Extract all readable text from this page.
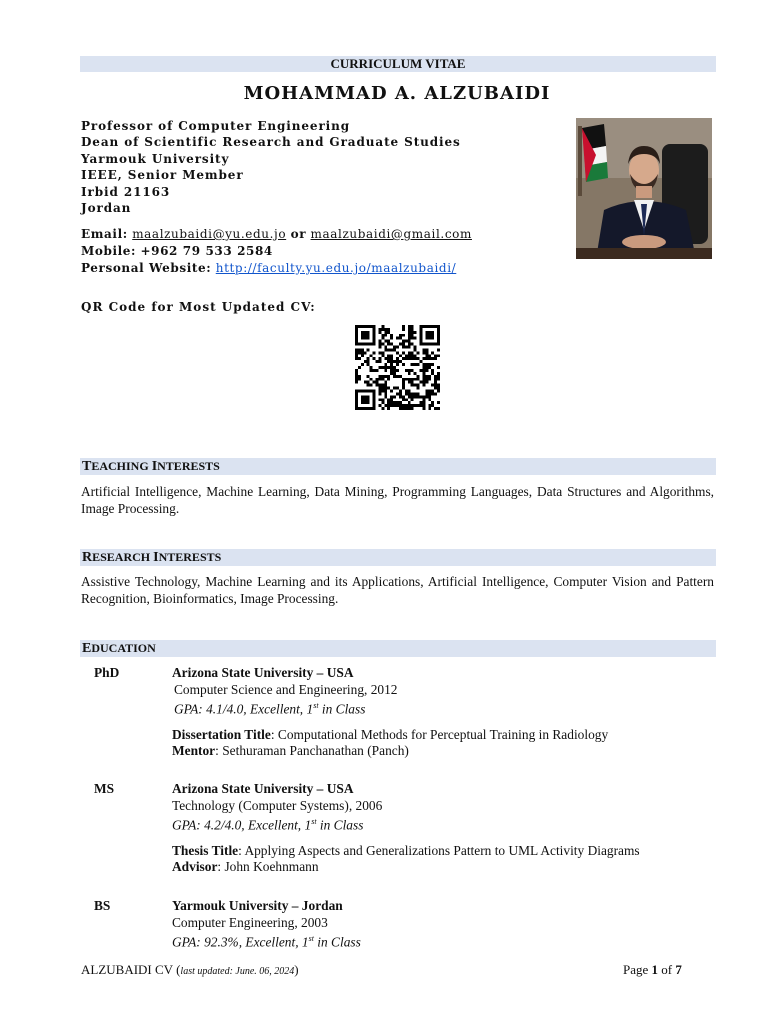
CURRICULUM VITAE
MOHAMMAD A. ALZUBAIDI
Professor of Computer Engineering
Dean of Scientific Research and Graduate Studies
Yarmouk University
IEEE, Senior Member
Irbid 21163
Jordan
Email: maalzubaidi@yu.edu.jo or maalzubaidi@gmail.com
Mobile: +962 79 533 2584
Personal Website: http://faculty.yu.edu.jo/maalzubaidi/
QR Code for Most Updated CV:
TEACHING INTERESTS
Artificial Intelligence, Machine Learning, Data Mining, Programming Languages, Data Structures and Algorithms, Image Processing.
RESEARCH INTERESTS
Assistive Technology, Machine Learning and its Applications, Artificial Intelligence, Computer Vision and Pattern Recognition, Bioinformatics, Image Processing.
EDUCATION
PhD	Arizona State University – USA
Computer Science and Engineering, 2012
GPA: 4.1/4.0, Excellent, 1st in Class
Dissertation Title: Computational Methods for Perceptual Training in Radiology
Mentor: Sethuraman Panchanathan (Panch)
MS	Arizona State University – USA
Technology (Computer Systems), 2006
GPA: 4.2/4.0, Excellent, 1st in Class
Thesis Title: Applying Aspects and Generalizations Pattern to UML Activity Diagrams
Advisor: John Koehnmann
BS	Yarmouk University – Jordan
Computer Engineering, 2003
GPA: 92.3%, Excellent, 1st in Class
ALZUBAIDI CV (last updated: June. 06, 2024)	Page 1 of 7
